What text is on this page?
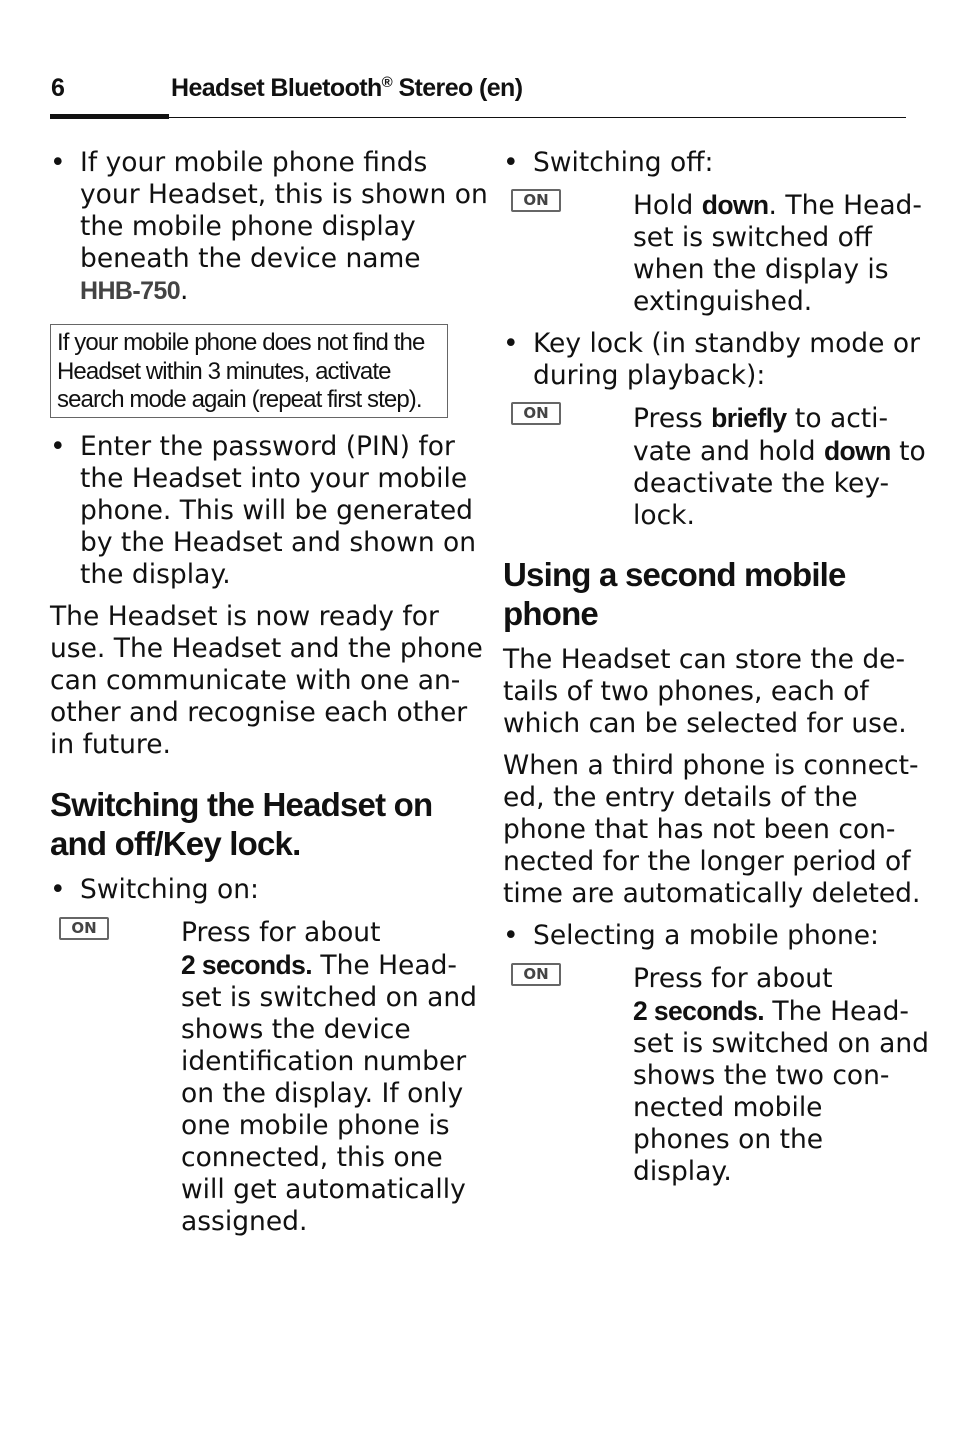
6	Headset Bluetooth® Stereo (en)
• If your mobile phone finds
your Headset, this is shown on
the mobile phone display
beneath the device name
HHB-750.
If your mobile phone does not find the
Headset within 3 minutes, activate
search mode again (repeat first step).
• Enter the password (PIN) for
the Headset into your mobile
phone. This will be generated
by the Headset and shown on
the display.
The Headset is now ready for
use. The Headset and the phone
can communicate with one an-
other and recognise each other
in future.
Switching the Headset on
and off/Key lock.
• Switching on:
ON	Press for about
2 seconds. The Head-
set is switched on and
shows the device
identification number
on the display. If only
one mobile phone is
connected, this one
will get automatically
assigned.
• Switching off:
ON	Hold down. The Head-
set is switched off
when the display is
extinguished.
• Key lock (in standby mode or
during playback):
ON	Press briefly to acti-
vate and hold down to
deactivate the key-
lock.
Using a second mobile
phone
The Headset can store the de-
tails of two phones, each of
which can be selected for use.
When a third phone is connect-
ed, the entry details of the
phone that has not been con-
nected for the longer period of
time are automatically deleted.
• Selecting a mobile phone:
ON	Press for about
2 seconds. The Head-
set is switched on and
shows the two con-
nected mobile
phones on the
display.
